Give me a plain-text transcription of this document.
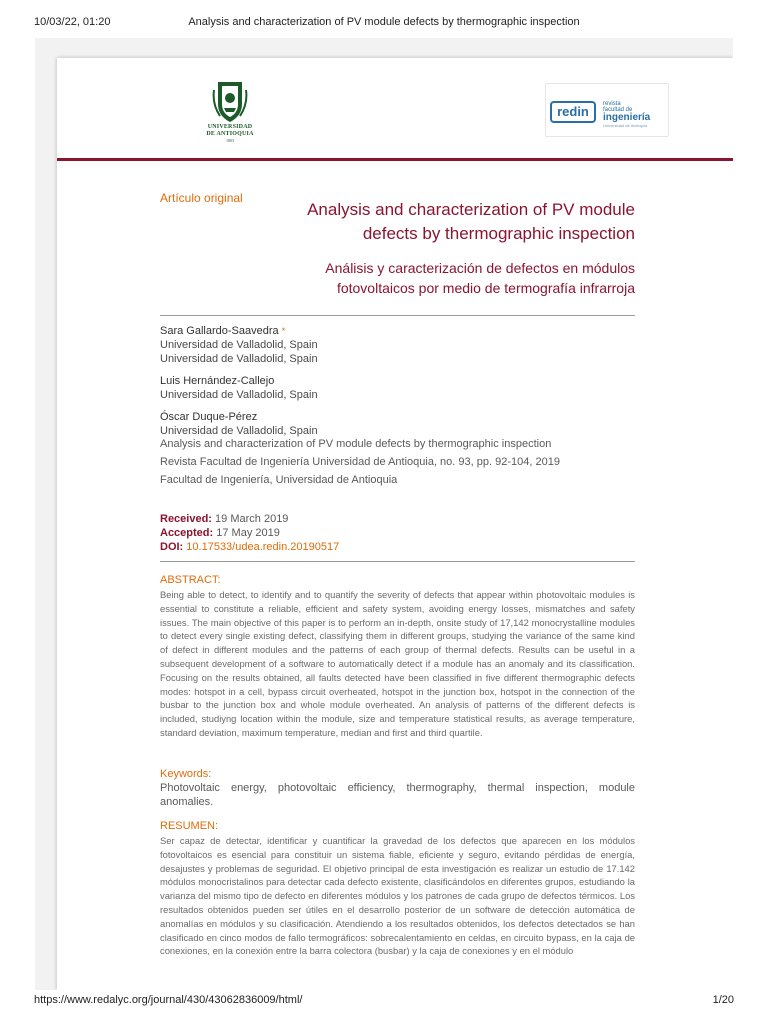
10/03/22, 01:20	Analysis and characterization of PV module defects by thermographic inspection
UNIVERSIDAD
DE ANTIOQUIA
1803
redin	revista
facultad de
ingeniería
Universidad de Antioquia
Artículo original
Analysis and characterization of PV module
defects by thermographic inspection
Análisis y caracterización de defectos en módulos
fotovoltaicos por medio de termografía infrarroja
Sara Gallardo-Saavedra *
Universidad de Valladolid, Spain
Universidad de Valladolid, Spain
Luis Hernández-Callejo
Universidad de Valladolid, Spain
Óscar Duque-Pérez
Universidad de Valladolid, Spain
Analysis and characterization of PV module defects by thermographic inspection
Revista Facultad de Ingeniería Universidad de Antioquia, no. 93, pp. 92-104, 2019
Facultad de Ingeniería, Universidad de Antioquia
Received: 19 March 2019
Accepted: 17 May 2019
DOI: 10.17533/udea.redin.20190517
ABSTRACT:
Being able to detect, to identify and to quantify the severity of defects that appear within photovoltaic modules is essential to constitute a reliable, efficient and safety system, avoiding energy losses, mismatches and safety issues. The main objective of this paper is to perform an in-depth, onsite study of 17,142 monocrystalline modules to detect every single existing defect, classifying them in different groups, studying the variance of the same kind of defect in different modules and the patterns of each group of thermal defects. Results can be useful in a subsequent development of a software to automatically detect if a module has an anomaly and its classification. Focusing on the results obtained, all faults detected have been classified in five different thermographic defects modes: hotspot in a cell, bypass circuit overheated, hotspot in the junction box, hotspot in the connection of the busbar to the junction box and whole module overheated. An analysis of patterns of the different defects is included, studiyng location within the module, size and temperature statistical results, as average temperature, standard deviation, maximum temperature, median and first and third quartile.
Keywords:
Photovoltaic energy, photovoltaic efficiency, thermography, thermal inspection, module anomalies.
RESUMEN:
Ser capaz de detectar, identificar y cuantificar la gravedad de los defectos que aparecen en los módulos fotovoltaicos es esencial para constituir un sistema fiable, eficiente y seguro, evitando pérdidas de energía, desajustes y problemas de seguridad. El objetivo principal de esta investigación es realizar un estudio de 17.142 módulos monocristalinos para detectar cada defecto existente, clasificándolos en diferentes grupos, estudiando la varianza del mismo tipo de defecto en diferentes módulos y los patrones de cada grupo de defectos térmicos. Los resultados obtenidos pueden ser útiles en el desarrollo posterior de un software de detección automática de anomalías en módulos y su clasificación. Atendiendo a los resultados obtenidos, los defectos detectados se han clasificado en cinco modos de fallo termográficos: sobrecalentamiento en celdas, en circuito bypass, en la caja de conexiones, en la conexión entre la barra colectora (busbar) y la caja de conexiones y en el módulo
https://www.redalyc.org/journal/430/43062836009/html/	1/20
